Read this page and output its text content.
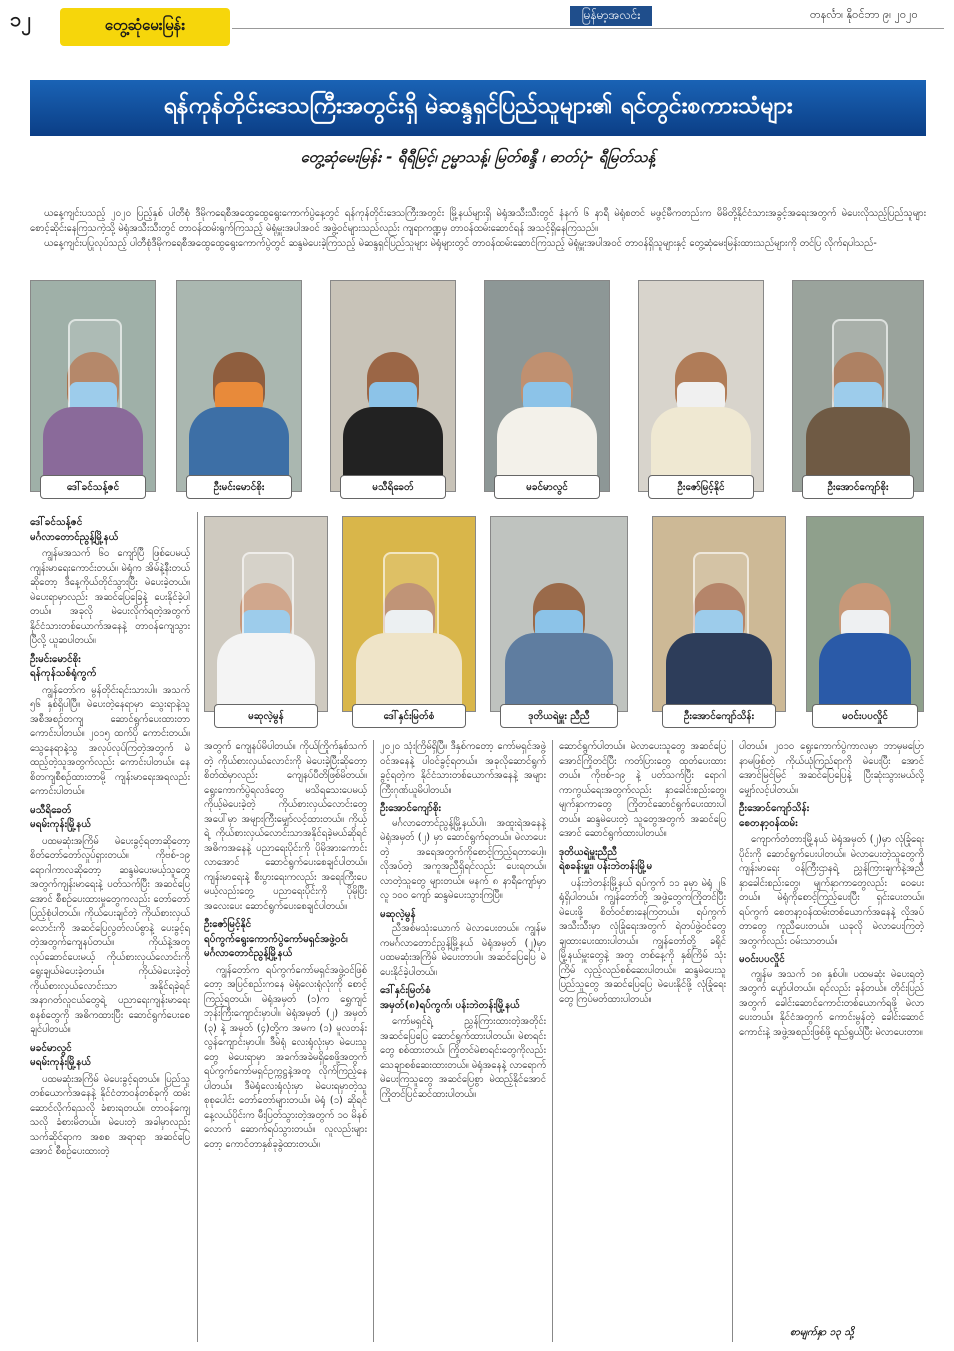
၁၂	တွေ့ဆုံမေးမြန်း
မြန်မာ့အလင်း	တနင်္လာ၊ နိုဝင်ဘာ ၉၊ ၂၀၂၀
ရန်ကုန်တိုင်းဒေသကြီးအတွင်းရှိ မဲဆန္ဒရှင်ပြည်သူများ၏ ရင်တွင်းစကားသံများ
တွေ့ဆုံမေးမြန်း - ရီရီမြင့်၊ ဥမ္မာသန့်၊ မြတ်စန္ဒီ ၊ ဓာတ်ပုံ- ရီမြတ်သန့်
ယနေ့ကျင်းပသည့် ၂၀၂၀ ပြည့်နှစ် ပါတီစုံ ဒီမိုကရေစီအထွေထွေရွေးကောက်ပွဲနေ့တွင် ရန်ကုန်တိုင်းဒေသကြီးအတွင်း မြို့နယ်များရှိ မဲရုံအသီးသီးတွင် နံနက် ၆ နာရီ မဲရုံစတင် မဖွင့်မီကတည်းက မိမိတို့နိုင်ငံသားအခွင့်အရေးအတွက် မဲပေးလိုသည့်ပြည်သူများ စောင့်ဆိုင်းနေကြသကဲ့သို့ မဲရုံအသီးသီးတွင် တာဝန်ထမ်းရွက်ကြသည့် မဲရုံမှူးအပါအဝင် အဖွဲ့ဝင်များသည်လည်း ကျရာကဏ္ဍမှ တာဝန်ထမ်းဆောင်ရန် အသင့်ရှိနေကြသည်။
ယနေ့ကျင်းပပြုလုပ်သည့် ပါတီစုံဒီမိုကရေစီအထွေထွေရွေးကောက်ပွဲတွင် ဆန္ဒမဲပေးခဲ့ကြသည့် မဲဆန္ဒရှင်ပြည်သူများ မဲရုံများတွင် တာဝန်ထမ်းဆောင်ကြသည့် မဲရုံမှူးအပါအဝင် တာဝန်ရှိသူများနှင့် တွေ့ဆုံမေးမြန်းထားသည်များကို တင်ပြ လိုက်ရပါသည်-
ဒေါ်ခင်သန့်ဇင်	ဦးမင်းမောင်စိုး	မသီရိခေတ်	မခင်မာလွင်	ဦးဇော်မြင့်နိုင်	ဦးအောင်ကျော်စိုး
မဆုလဲ့မွန်	ဒေါ်နှင်းမြတ်စံ	ဒုတိယရဲမှူး ညီညီ	ဦးအောင်ကျော်သိန်း	မဝင်းပပလှိုင်
ဒေါ်ခင်သန့်ဇင်
မင်္ဂလာတောင်ညွန့်မြို့နယ်

ကျွန်မအသက် ၆၀ ကျော်ပြီ ဖြစ်ပေမယ့် ကျန်းမာရေးကောင်းတယ်။ မဲရုံက အိမ်နဲ့နီးတယ်ဆိုတော့ ဒီနေ့ကိုယ်တိုင်သွားပြီး မဲပေးခဲ့တယ်။ မဲပေးရာမှာလည်း အဆင်ပြေခြေနဲ့ ပေးနိုင်ခဲ့ပါတယ်။ အခုလို မဲပေးလိုက်ရတဲ့အတွက် နိုင်ငံသားတစ်ယောက်အနေနဲ့ တာဝန်ကျေသွားပြီလို့ ယူဆပါတယ်။

ဦးမင်းမောင်စိုး
ရန်ကုန်သစ်ရုံကွက်

ကျွန်တော်က မွန်တိုင်းရင်းသားပါ။ အသက် ၅၆ နှစ်ရှိပါပြီ။ မဲပေးတဲ့နေရာမှာ သွေးရာနဲ့သူ အစီအစဉ်တကျ ဆောင်ရွက်ပေးထားတာ ကောင်းပါတယ်။ ၂၀၁၅ ထက်ပို ကောင်းတယ်။ သွေနေရာနဲ့သွ အလုပ်လုပ်ကြတဲ့အတွက် မဲထည့်တဲ့သူအတွက်လည်း ကောင်းပါတယ်။ နေစိတကျစီစဉ်ထားတာမို့ ကျန်းမာရေးအရလည်း ကောင်းပါတယ်။

မသီရိခေတ်
မရမ်းကုန်းမြို့နယ်

ပထမဆုံးအကြိမ် မဲပေးခွင့်ရတာဆိုတော့ စိတ်တော်တော်လှုပ်ရှားတယ်။ ကိုဗစ်-၁၉ ရောဂါကာလဆိုတော့ ဆန္ဒမဲပေးမယ့်သူတွေအတွက်ကျန်းမာရေးနဲ့ ပတ်သက်ပြီး အဆင်ပြေအောင် စီစဉ်ပေးထားမှုတွေကလည်း တော်တော်ပြည့်စုံပါတယ်။ ကိုယ်ပေးချင်တဲ့ ကိုယ်စားလှယ်လောင်းကို အဆင်ပြေလွတ်လပ်စွာနဲ့ ပေးခွင့်ရတဲ့အတွက်ကျေနပ်တယ်။ ကိုယ်နဲ့အတူလုပ်ဆောင်ပေးမယ့် ကိုယ်စားလှယ်လောင်းကို ရွေးချယ်မဲပေးခဲ့တယ်။ ကိုယ်မဲပေးခဲ့တဲ့ ကိုယ်စားလှယ်လောင်းသာ အနိုင်ရခဲ့ရင် အနာဂတ်လူငယ်တွေရဲ့ ပညာရေးကျန်းမာရေးစနစ်တွေကို အဓိကထားပြီး ဆောင်ရွက်ပေးစေချင်ပါတယ်။

မခင်မာလွင်
မရမ်းကုန်းမြို့နယ်

ပထမဆုံးအကြိမ် မဲပေးခွင့်ရတယ်။ ပြည်သူတစ်ယောက်အနေနဲ့ နိုင်ငံတာဝန်တစ်ခုကို ထမ်းဆောင်လိုက်ရသလို ခံစားရတယ်။ တာဝန်ကျေသလို ခံစားမိတယ်။ မဲပေးတဲ့ အခါမှာလည်း သက်ဆိုင်ရာက အစစ အရာရာ အဆင်ပြေအောင် စီစဉ်ပေးထားတဲ့

အတွက် ကျေနပ်မိပါတယ်။ ကိုယ်ကြိုက်နှစ်သက်တဲ့ ကိုယ်စားလှယ်လောင်းကို မဲပေးခဲ့ပြီးဆိုတော့ စိတ်ထဲမှာလည်း ကျေနပ်ပီတိဖြစ်မိတယ်။ ရွေးကောက်ပွဲရလဒ်တွေ မသိရသေးပေမယ့် ကိုယ့်မဲပေးခဲ့တဲ့ ကိုယ်စားလှယ်လောင်းတွေအပေါ်မှာ အများကြီးမျှော်လင့်ထားတယ်။ ကိုယ့်ရဲ့ ကိုယ်စားလှယ်လောင်းသာအနိုင်ရခဲ့မယ်ဆိုရင် အဓိကအနေနဲ့ ပညာရေးပိုင်းကို ပိုမိုအားကောင်းလာအောင် ဆောင်ရွက်ပေးစေချင်ပါတယ်။ ကျန်းမာရေးနဲ့ စီးပွားရေးကလည်း အရေးကြီးပေမယ့်လည်းတွေ့ ပညာရေးပိုင်းကို ပိုမိုပြီး အလေးပေး ဆောင်ရွက်ပေးစေချင်ပါတယ်။

ဦးဇော်မြင့်နိုင်
ရပ်ကွက်ရွေးကောက်ပွဲကော်မရှင်အဖွဲ့ဝင်၊ မင်္ဂလာတောင်ညွန့်မြို့နယ်

ကျွန်တော်က ရပ်ကွက်ကော်မရှင်အဖွဲ့ဝင်ဖြစ်တော့ အပြင်စည်းကနေ မဲရုံလေးရုံလုံးကို စောင့်ကြည့်ရတယ်။ မဲရုံအမှတ် (၁)က ရွှေကျင်ဘုန်းကြီးကျောင်းမှာပါ။ မဲရုံအမှတ် (၂) အမှတ် (၃) နဲ့ အမှတ် (၄)တို့က အမက (၁) မူလတန်းလွန်ကျောင်းမှာပါ။ ဒီမဲရုံ လေးရုံလုံးမှာ မဲပေးသူတွေ မဲပေးရာမှာ အခက်အခဲမရှိစေဖို့အတွက် ရပ်ကွက်ကော်မရှင်ဥက္ကဋ္ဌနဲ့အတူ လိုက်ကြည့်နေပါတယ်။ ဒီမဲရုံလေးရုံလုံးမှာ မဲပေးရမှာတဲ့သူစုစုပေါင်း တော်တော်များတယ်။ မဲရုံ (၁) ဆိုရင် နေ့လယ်ပိုင်းက မီးပြတ်သွားတဲ့အတွက် ၁၀ မိနစ်လောက် ဆောက်ရပ်သွားတယ်။ လူလည်းများတော့ ကောင်တာနှစ်ခုခွဲထားတယ်။

၂၀၂၀ သုံးကြိမ်ရှိပြီ။ ဒီနှစ်ကတော့ ကော်မရှင်အဖွဲ့ဝင်အနေနဲ့ ပါဝင်ခွင့်ရတယ်။ အခုလိုဆောင်ရွက်ခွင့်ရတဲ့က နိုင်ငံသားတစ်ယောက်အနေနဲ့ အများကြီးဂုဏ်ယူမိပါတယ်။

ဦးအောင်ကျော်စိုး

မင်္ဂလာတောင်ညွန့်မြို့နယ်ပါ။ အထူးရဲအနေနဲ့ မဲရုံအမှတ် (၂) မှာ ဆောင်ရွက်ရတယ်။ မဲလာပေးတဲ့ အရေအတွက်ကိုစောင့်ကြည့်ရတာပေါ့။ လိုအပ်တဲ့ အကူအညီရှိရင်လည်း ပေးရတယ်။ လာတဲ့သူတွေ များတယ်။ မနက် ၈ နာရီကျော်မှာ လူ ၁၀၀ ကျော် ဆန္ဒမဲပေးသွားကြပြီ။

မဆုလဲ့မွန်

ညီအစ်မသုံးယောက် မဲလာပေးတယ်။ ကျွန်မကမင်္ဂလာတောင်ညွန့်မြို့နယ် မဲရုံအမှတ် (၂)မှာ ပထမဆုံးအကြိမ် မဲပေးတာပါ။ အဆင်ပြေပြေ မဲပေးနိုင်ခဲ့ပါတယ်။

ဒေါ်နှင်းမြတ်စံ
အမှတ်(၈)ရပ်ကွက်၊ ပန်းဘဲတန်းမြို့နယ်

ကော်မရှင်ရဲ့ ညွှန်ကြားထားတဲ့အတိုင်း အဆင်ပြေပြေ ဆောင်ရွက်ထားပါတယ်။ မဲစာရင်းတွေ စစ်ထားတယ်၊ ကြိုတင်မဲစာရင်းတွေကိုလည်း သေချာစစ်ဆေးထားတယ်။ မဲရုံအနေနဲ့ လာရောက်မဲပေးကြသူတွေ အဆင်ပြေစွာ မဲထည့်နိုင်အောင် ကြိုတင်ပြင်ဆင်ထားပါတယ်။

ဆောင်ရွက်ပါတယ်။ မဲလာပေးသူတွေ အဆင်ပြေအောင်ကြိုတင်ပြီး ကတ်ပြားတွေ ထုတ်ပေးထားတယ်။ ကိုဗစ်-၁၉ နဲ့ ပတ်သက်ပြီး ရောဂါကာကွယ်ရေးအတွက်လည်း နှာခေါင်းစည်းတွေ၊ မျက်နှာကာတွေ ကြိုတင်ဆောင်ရွက်ပေးထားပါတယ်။ ဆန္ဒမဲပေးတဲ့ သူတွေအတွက် အဆင်ပြေအောင် ဆောင်ရွက်ထားပါတယ်။

ဒုတိယရဲမှူးညီညီ
ရဲစခန်းမှူး၊ ပန်းဘဲတန်းမြို့မ

ပန်းဘဲတန်းမြို့နယ် ရပ်ကွက် ၁၁ ခုမှာ မဲရုံ ၂၆ ရုံရှိပါတယ်။ ကျွန်တော်တို့ အဖွဲ့တွေကကြိုတင်ပြီး မဲပေးဖို့ စိတ်ဝင်စားနေကြတယ်။ ရပ်ကွက်အသီးသီးမှာ လုံခြုံရေးအတွက် ရဲတပ်ဖွဲ့ဝင်တွေချထားပေးထားပါတယ်။ ကျွန်တော်တို့ ခရိုင်မြို့နယ်မှူးတွေနဲ့ အတူ တစ်နေ့ကို နှစ်ကြိမ် သုံးကြိမ် လှည့်လည်စစ်ဆေးပါတယ်။ ဆန္ဒမဲပေးသူ ပြည်သူတွေ အဆင်ပြေပြေ မဲပေးနိုင်ဖို့ လုံခြုံရေးတွေ ကြပ်မတ်ထားပါတယ်။

ပါတယ်။ ၂၀၁၀ ရွေးကောက်ပွဲကာလမှာ ဘာမှမပြောနာမဖြစ်တဲ့ ကိုယ်ယုံကြည်ရာကို မဲပေးပြီး အောင်အောင်မြင်မြင် အဆင်ပြေပြေနဲ့ ပြီးဆုံးသွားမယ်လို့ မျှော်လင့်ပါတယ်။

ဦးအောင်ကျော်သိန်း
စေတနာ့ဝန်ထမ်း

ကျောက်တံတားမြို့နယ် မဲရုံအမှတ် (၂)မှာ လုံခြုံရေးပိုင်းကို ဆောင်ရွက်ပေးပါတယ်။ မဲလာပေးတဲ့သူတွေကို ကျန်းမာရေး ဝန်ကြီးဌာနရဲ့ ညွှန်ကြားချက်နဲ့အညီ နှာခေါင်းစည်းတွေ၊ မျက်နှာကာတွေလည်း ဝေပေးတယ်။ မဲရုံကိုစောင့်ကြည့်ပေးပြီး ရှင်းပေးတယ်။ ရပ်ကွက် စေတနာ့ဝန်ထမ်းတစ်ယောက်အနေနဲ့ လိုအပ်တာတွေ ကူညီပေးတယ်။ ယခုလို မဲလာပေးကြတဲ့အတွက်လည်း ဝမ်းသာတယ်။

မဝင်းပပလှိုင်

ကျွန်မ အသက် ၁၈ နှစ်ပါ။ ပထမဆုံး မဲပေးရတဲ့အတွက် ပျော်ပါတယ်။ ရင်လည်း ခုန်တယ်။ တိုင်းပြည်အတွက် ခေါင်းဆောင်ကောင်းတစ်ယောက်ရဖို့ မဲလာပေးတယ်။ နိုင်ငံအတွက် ကောင်းမွန်တဲ့ ခေါင်းဆောင်ကောင်းနဲ့ အဖွဲ့အစည်းဖြစ်ဖို့ ရည်ရွယ်ပြီး မဲလာပေးတာ။

စာမျက်နှာ ၁၃ သို့
